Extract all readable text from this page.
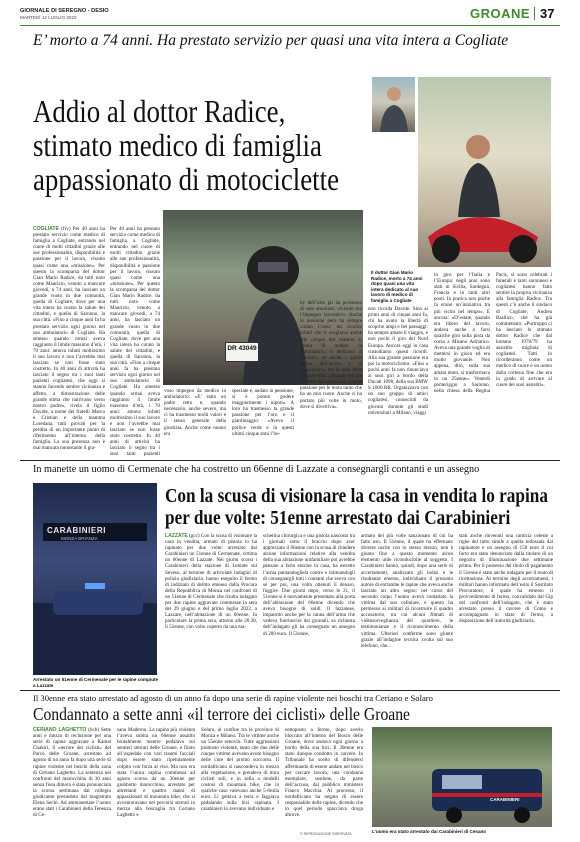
GIORNALE DI SEREGNO - DESIO
MARTEDÌ 12 LUGLIO 2022	GROANE 37
E’ morto a 74 anni. Ha prestato servizio per quasi una vita intera a Cogliate
Addio al dottor Radice,
stimato medico di famiglia
appassionato di motociclette
DR 43049
Il dottor Gian Mario Radice, morto a 74 anni dopo quasi una vita intera dedicato al suo lavoro di medico di famiglia a Cogliate
COGLIATE (frv) Per 40 anni ha prestato servizio come medico di famiglia a Cogliate, entrando nel cuore di molti cittadini grazie alle sue professionalità, disponibilità e passione per il lavoro, vissuto quasi come una «missione». Per questo la scomparsa del dottor Gian Mario Radice, da tutti noto come Maurizio, venuto a mancare giovedì, a 74 anni, ha lasciato un grande vuoto in due comunità, quella di Cogliate, dove per una vita intera ha curato la salute dei cittadini, e quella di Saronno, la sua città. «Fino a cinque anni fa ha prestato servizio ogni giorno nel suo ambulatorio di Cogliate. Ha smesso quando ormai aveva raggiunto il limite massimo d’età, i 70 anni: amava infatti moltissimo il suo lavoro e non l’avrebbe mai lasciato se non fosse stato costretto. In 40 anni di attività ha lasciato il segno tra i suoi tanti pazienti cogliatesi, che oggi si stanno facendo sentire vicinanza e affetto, a dimostrazione delle grande stima che nutrivano verso nostro padre», rivela il figlio Davide, a nome dei fratelli Marco e Cristian e della mamma Loredana, tutti provati per la perdita di un importante punto di riferimento all’interno della famiglia. La sua presenza non è mai mancata nonostante il gra-
Per 40 anni ha prestato servizio come medico di famiglia a Cogliate, entrando nel cuore di molti cittadini grazie alle sue professionalità, disponibilità e passione per il lavoro, vissuto quasi come una «missione». Per questo la scomparsa del dottor Gian Mario Radice, da tutti noto come Maurizio, venuto a mancare giovedì, a 74 anni, ha lasciato un grande vuoto in due comunità, quella di Cogliate, dove per una vita intera ha curato la salute dei cittadini, e quella di Saronno, la sua città. «Fino a cinque anni fa ha prestato servizio ogni giorno nel suo ambulatorio di Cogliate. Ha smesso quando ormai aveva raggiunto il limite massimo d’età, i 70 anni: amava infatti moltissimo il suo lavoro e non l’avrebbe mai lasciato se non fosse stato costretto. In 40 anni di attività ha lasciato il segno tra i suoi tanti pazienti
voso impegno da medico in ambulatorio: «E’ stato un padre retto e, quando necessario, anche severo, ma ci ha trasmesso molti valori e il senso generale della giustizia. Anche come nonno era
speciale e, andato in pensione, si è potuto godere maggiormente i nipoti». A loro ha trasmesso la grande passione per l’oro e il giardinaggio: «Aveva il pollice verde e in questi ultimi cinque anni l’ho-
by dell’orto gli ha permesso di non annoiarsi vivendo ma l’impegno lavorativo. Anche la passione però ha sempre curato l’orso: mi ricordo infatti che si svegliava anche alle cinque del mattino e, prima di andare in ambulatorio, si dedicava al giardino, se anche i giorni prima dell’arrivo e al dopolavoro» ma la ama delle motociclette: «Quando era più giovane lui aveva una grande passione per le moto tanto che ha un mio cuore. Anche ci ha portato più volte in moto, dove si divertiva».
non ricorda Davide. Sino ai primi anni di cinque anni fa, chi ha avuto la libertà di scoprire ampi e bei paesaggi: ha sempre amato il viaggio, e non pochi il giro del Nord Europa. Ancora oggi in casa custodiamo questi ricordi. Alla sua grande passione era poi la motociclismo: «Fino a pochi anni fa non rinunciava ai suoi giri a bordo della Ducati 1098, della sua BMW S 1000 RR. Organizzava con un suo gruppo di amici cogliatesi, conosciuti da giovani durante gli studi universitari a Milano, viaggi
in giro per l’Italia e l’Europa: negli anni sono stati in Sicilia, Sardegna, Francia e in tanti altri posti. In pratica non poche fa erano un’iniziativa tra più vicini nel tempo». E ancora: «D’estate, quando era libero del lavoro, andava anche a farsi qualche giro sulla pista da corsa a Misano Adriatico. Aveva una grande voglia di mettersi in gioco ed era molto giovanile. Non appena, dirò, sulla sua amata moto, si trasformava in un 25enne». Venerdì pomeriggio a Saronno, nella chiesa della Regina Pacis, si sono celebrati i funerali e tanti saronnesi e cogliatesi hanno fatto sentire la propria vicinanza alla famiglia Radice. Tra questi c’è anche il sindaco di Cogliate, Andrea Basilico, che ha già commentato: «Purtroppo ci ha lasciato lo stimato dottor Radice che dal lontano 1978/79 ha assistito migliaia di cogliatesi. Tutti lo ricorderanno come un medico di cuore e un uomo dalla cortesia fine che era in grado di arrivare al cuore dei suoi assistiti».
In manette un uomo di Cermenate che ha costretto un 66enne di Lazzate a consegnargli contanti e un assegno
CARABINIERI
MONZA BRIANZA
Arrestato un 51enne di Cermenate per le rapine compiute a Lazzate
Con la scusa di visionare la casa in vendita lo rapina
per due volte: 51enne arrestato dai Carabinieri
LAZZATE (gcc) Con la scusa di visionare la casa in vendita, armato di pistola lo ha rapinato per due volte: arrestato dai Carabinieri un 51enne di Cermenate, vittima un 66enne di Lazzate. Nei giorni scorsi i Carabinieri della stazione di Lentate sul Seveso, al termine di articolate indagini di polizia giudiziaria, hanno eseguito il fermo di indiziato di delitto emesso dalla Procura della Repubblica di Monza nei confronti di un 51enne di Cermenate che risulta indagato per due rapine aggravate commesse la sera del 29 giugno e del primo luglio 2022, a Lazzate, nell’abitazione di un 66enne. In particolare la prima sera, attorno alle 20.30, il 51enne, con volto coperto da una ma-
scherina chirurgica e una pistola nascosta tra i giornali sotto il braccio dopo aver apprezzato il 66enne con la scusa di chiedere alcune informazioni relative alla vendita della sua abitazione unifamiliare poi avrebbe pensato a farlo entrare in casa, ha estratto l’arma puntandogliela contro e intimandogli di consegnargli tutti i contanti che aveva con sé per poi, una volta ottenuti il denaro, fuggire. Due giorni dopo, verso le 21, il 51enne si è nuovamente presentato alla porta dell’abitazione del 66enne dicendo che aveva bisogno di soldi. Il lazzatese, impaurito anche per la canna dell’arma che vedeva fuoriuscire dai giornali, sa richiesta dell’indagato gli ha consegnato un assegno di 200 euro. Il 51enne,
armato del più volte sanzionato di cui ha fatto uso. Il 51enne, il quale ha effettuato diverse uscite con lo stesso mezzo, non è giunto fino a questo momento alcun elemento utile riconducibile al soggetto. I Carabinieri hanno, quindi, dopo una serie di accertamenti, analizzato gli indizi e le risultanze emerse, individuato il presunto autore di entrambe le rapine che aveva anche lasciato un altro segno: nel corso del secondo colpo l’uomo aveva contattato la vittima dal suo cellulare, e questo ha permesso ai militari di ricostruire il quadro accusatorio, tra cui alcuni filmati di videosorveglianza del quartiere, le testimonianze e il riconoscimento della vittima. Ulteriori conferme sono giunte grazie all’indagine tecnica svolta sul suo telefono, che...
stati anche rinvenuti una camicia celeste a righe del tutto simile a quella indossata dal rapinatore e un assegno di 150 euro il cui furto era stato denunciato dalla titolare di un negozio di illuminazione due settimane prima. Per il possesso del titolo di pagamento il 51enne è stato anche indagato per il reato di ricettazione. Al termine degli accertamenti, i militari hanno informato dell’esito il Sostituto Procuratore, il quale ha emesso il provvedimento di fermo, convalidato dal Gip nel confronti dell’indagato, che è stato arrestato presso il carcere di Como e accompagnato in stato di fermo, a disposizione dell’autorità giudiziaria.
Il 30enne era stato arrestato ad agosto di un anno fa dopo una serie di rapine violente nei boschi tra Ceriano e Solaro
Condannato a sette anni «il terrore dei ciclisti» delle Groane
CERIANO LAGHETTO (bcb) Sette anni e mezzo di reclusione per una serie di rapine aggravate a Kamal Chakiri, il «terrore dei ciclisti» del Parco delle Groane, arrestato ad agosto di un anno fa dopo una serie di rapine violente nei boschi della zona di Ceriano Laghetto. La sentenza nei confronti del marocchino di 30 anni senza fissa dimora è stata pronunciata la scorsa settimana dal collegio giudicante presieduto dal magistrato Elena Sechi. Ad ammanettare l’uomo erano stati i Carabinieri della Tenenza di Ce-
sano Maderno. La rapina più violenta l’aveva subita un 66enne assalito brutalmente mentre pedalava sui sentieri sterrati delle Groane, e finito all’ospedale con vari traumi facciali dopo essere stato ripetutamente colpito con forza al viso. Ma non era stata l’unica rapina commessa ad agosto scorso da un 30enne per giubbotto marocchino, arrestato per altrettanti e quattro danni di appassionati di mountain bike, che si avventuravano nei percorsi sterrati in mezzo alla boscaglia tra Ceriano Laghetto e
Solaro, al confine tra le province di Monza e Milano. Tra le vittime anche un 55enne senovio. Tutte aggressioni piuttosto violente, tanto che due delle cinque vittime avevano avuto bisogno delle cure del pronto soccorso. Il nordafricano si nascondeva in mezzo alla vegetazione, e prendeva di mira ciclisti soli, e in sella a modelli costosi di mountain bike, che in qualche caso valevano anche 5-6mila euro. Li gettava a terra e faggiava pedalando sulla bici rapinata. I carabinieri lo avevano individuato e
sottoposto a fermo, dopo averlo bloccato all’interno del Bosco delle Groane, dove andava ogni giorno a bordo della sua bici. Il 30enne era stato dunque condotto in carcere. In Tribunale ha scelto di difendersi affermando di essere andato nel bosco per cercare lavoro, una condanna esemplare, sostiene, da parte dell’accusa, dal pubblico ministero Franco Macchia. Al processo, il nordafricano ha negato di essere responsabile delle rapine, dicendo che in quel periodo spacciava droga altrove.
© RIPRODUZIONE RISERVATA
CARABINIERI
L’uomo era stato arrestato dai Carabinieri di Cesano
